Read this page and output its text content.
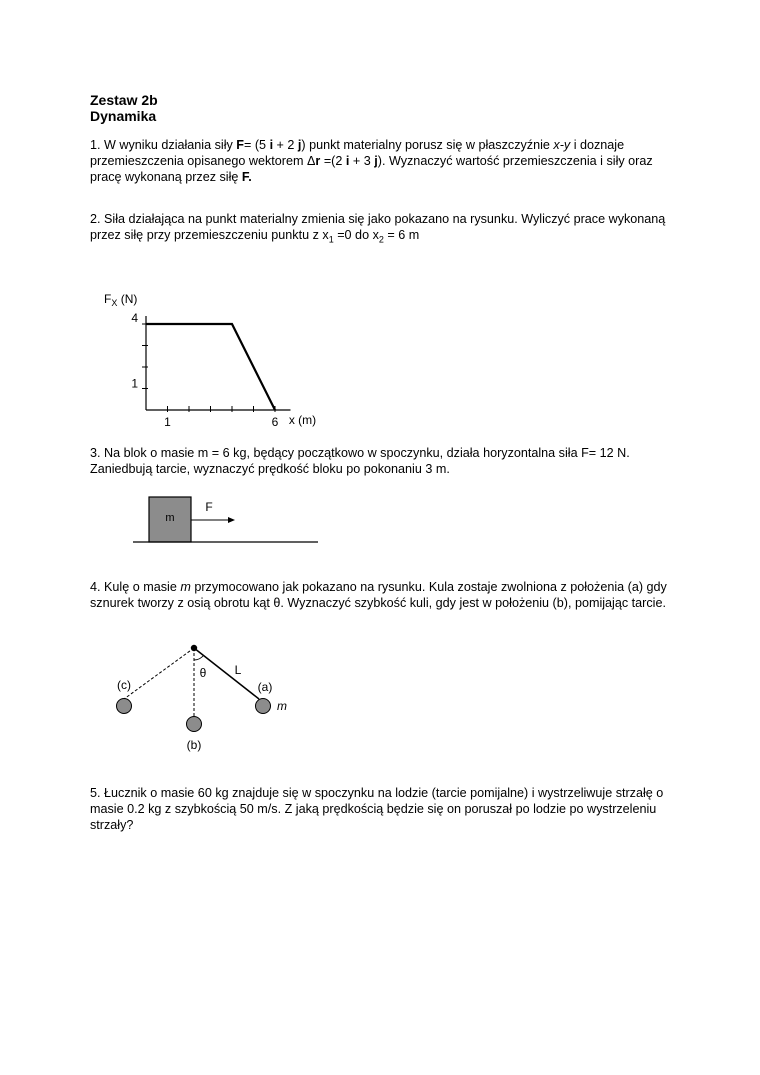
Zestaw 2b
Dynamika

1. W wyniku działania siły F= (5 i + 2 j) punkt materialny porusz się w płaszczyźnie x-y i doznaje przemieszczenia opisanego wektorem Δr =(2 i + 3 j). Wyznaczyć wartość przemieszczenia i siły oraz pracę wykonaną przez siłę F.

2. Siła działająca na punkt materialny zmienia się jako pokazano na rysunku. Wyliczyć prace wykonaną przez siłę przy przemieszczeniu punktu z $x_1 =0$ do $x_2 = 6$ m

1
4
1	6 x (m)
$F_X$ (N)

3. Na blok o masie m = 6 kg, będący początkowo w spoczynku, działa horyzontalna siła F= 12 N. Zaniedbują tarcie, wyznaczyć prędkość bloku po pokonaniu 3 m.

m
F

4. Kulę o masie m przymocowano jak pokazano na rysunku. Kula zostaje zwolniona z położenia (a) gdy sznurek tworzy z osią obrotu kąt θ. Wyznaczyć szybkość kuli, gdy jest w położeniu (b), pomijając tarcie.

θ L
(c)	(a)
(b)
m

5. Łucznik o masie 60 kg znajduje się w spoczynku na lodzie (tarcie pomijalne) i wystrzeliwuje strzałę o masie 0.2 kg z szybkością 50 m/s. Z jaką prędkością będzie się on poruszał po lodzie po wystrzeleniu strzały?
